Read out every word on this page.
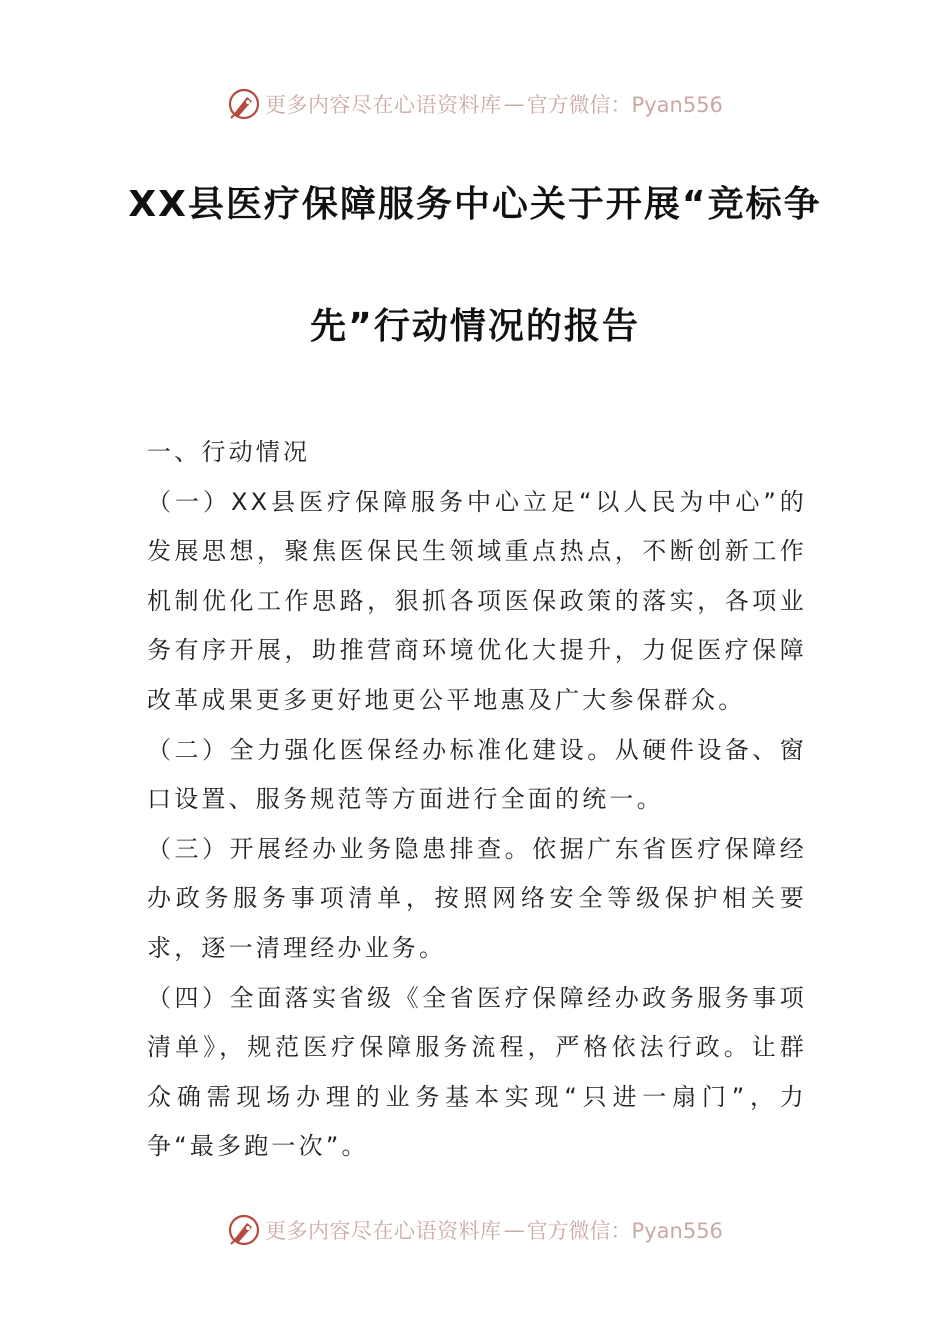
更多内容尽在心语资料库 — 官方微信：Pyan556
XX县医疗保障服务中心关于开展“竞标争
先”行动情况的报告

一、行动情况

（一）XX县医疗保障服务中心立足“以人民为中心”的发展思想，聚焦医保民生领域重点热点，不断创新工作机制优化工作思路，狠抓各项医保政策的落实，各项业务有序开展，助推营商环境优化大提升，力促医疗保障改革成果更多更好地更公平地惠及广大参保群众。

（二）全力强化医保经办标准化建设。从硬件设备、窗口设置、服务规范等方面进行全面的统一。

（三）开展经办业务隐患排查。依据广东省医疗保障经办政务服务事项清单，按照网络安全等级保护相关要求，逐一清理经办业务。

（四）全面落实省级《全省医疗保障经办政务服务事项清单》，规范医疗保障服务流程，严格依法行政。让群众确需现场办理的业务基本实现“只进一扇门”，力争“最多跑一次”。

更多内容尽在心语资料库 — 官方微信：Pyan556
